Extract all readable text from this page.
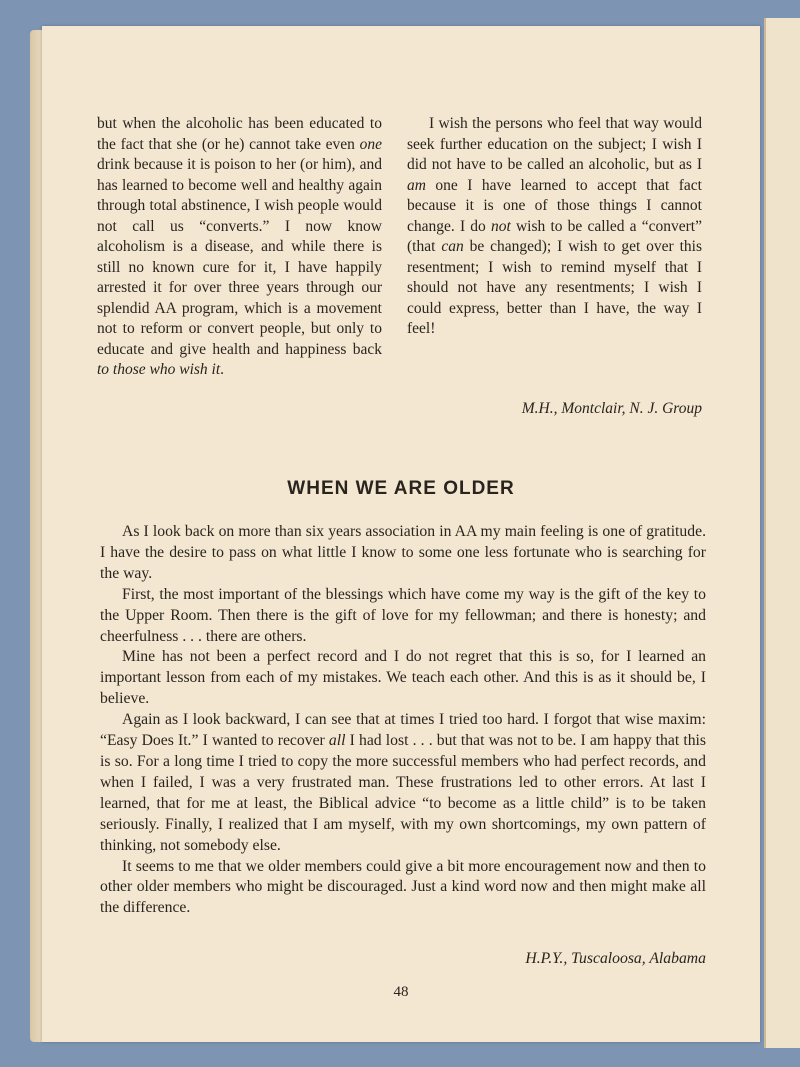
but when the alcoholic has been educated to the fact that she (or he) cannot take even one drink because it is poison to her (or him), and has learned to become well and healthy again through total abstinence, I wish people would not call us “converts.” I now know alcoholism is a disease, and while there is still no known cure for it, I have happily arrested it for over three years through our splendid AA program, which is a movement not to reform or convert people, but only to educate and give health and happiness back to those who wish it.

I wish the persons who feel that way would seek further education on the subject; I wish I did not have to be called an alcoholic, but as I am one I have learned to accept that fact because it is one of those things I cannot change. I do not wish to be called a “convert” (that can be changed); I wish to get over this resentment; I wish to remind myself that I should not have any resentments; I wish I could express, better than I have, the way I feel!

M.H., Montclair, N. J. Group
WHEN WE ARE OLDER

As I look back on more than six years association in AA my main feeling is one of gratitude. I have the desire to pass on what little I know to some one less fortunate who is searching for the way.

First, the most important of the blessings which have come my way is the gift of the key to the Upper Room. Then there is the gift of love for my fellowman; and there is honesty; and cheerfulness . . . there are others.

Mine has not been a perfect record and I do not regret that this is so, for I learned an important lesson from each of my mistakes. We teach each other. And this is as it should be, I believe.

Again as I look backward, I can see that at times I tried too hard. I forgot that wise maxim: “Easy Does It.” I wanted to recover all I had lost . . . but that was not to be. I am happy that this is so. For a long time I tried to copy the more successful members who had perfect records, and when I failed, I was a very frustrated man. These frustrations led to other errors. At last I learned, that for me at least, the Biblical advice “to become as a little child” is to be taken seriously. Finally, I realized that I am myself, with my own shortcomings, my own pattern of thinking, not somebody else.

It seems to me that we older members could give a bit more encouragement now and then to other older members who might be discouraged. Just a kind word now and then might make all the difference.

H.P.Y., Tuscaloosa, Alabama
48
